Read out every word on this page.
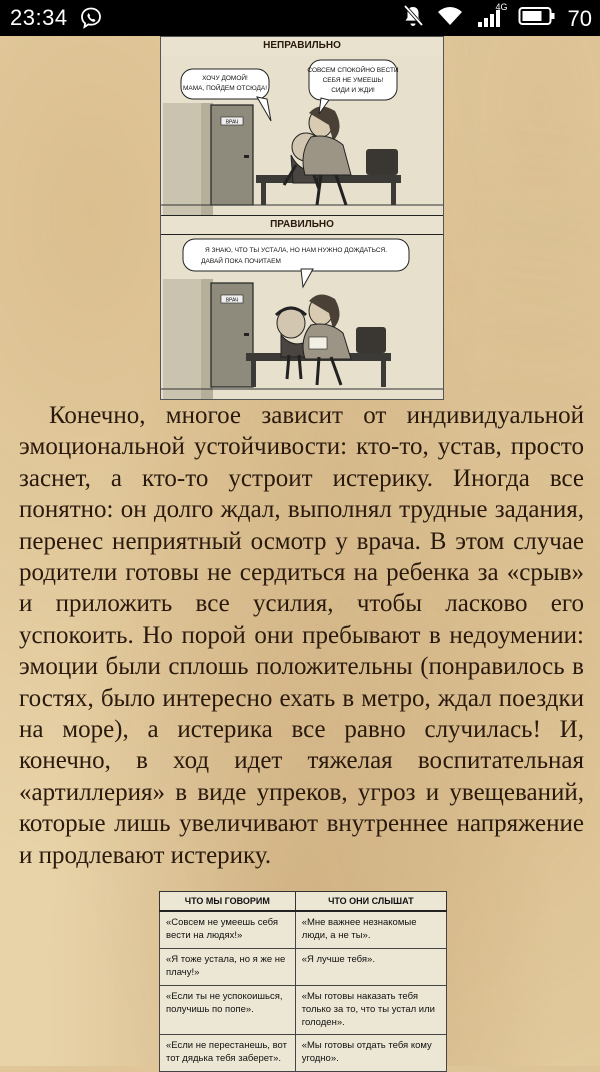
23:34	4G	70
НЕПРАВИЛЬНО
ВРАЧ
ХОЧУ ДОМОЙ!
МАМА, ПОЙДЕМ ОТСЮДА!
СОВСЕМ СПОКОЙНО ВЕСТИ
СЕБЯ НЕ УМЕЕШЬ!
СИДИ И ЖДИ!
ПРАВИЛЬНО
ВРАЧ
Я ЗНАЮ, ЧТО ТЫ УСТАЛА, НО НАМ НУЖНО ДОЖДАТЬСЯ.
ДАВАЙ ПОКА ПОЧИТАЕМ

Конечно, многое зависит от индивидуальной эмоциональной устойчивости: кто-то, устав, просто заснет, а кто-то устроит истерику. Иногда все понятно: он долго ждал, выполнял трудные задания, перенес неприятный осмотр у врача. В этом случае родители готовы не сердиться на ребенка за «срыв» и приложить все усилия, чтобы ласково его успокоить. Но порой они пребывают в недоумении: эмоции были сплошь положительны (понравилось в гостях, было интересно ехать в метро, ждал поездки на море), а истерика все равно случилась! И, конечно, в ход идет тяжелая воспитательная «артиллерия» в виде упреков, угроз и увещеваний, которые лишь увеличивают внутреннее напряжение и продлевают истерику.

ЧТО МЫ ГОВОРИМ	ЧТО ОНИ СЛЫШАТ
«Совсем не умеешь себя вести на людях!»	«Мне важнее незнакомые люди, а не ты».
«Я тоже устала, но я же не плачу!»	«Я лучше тебя».
«Если ты не успокоишься, получишь по попе».	«Мы готовы наказать тебя только за то, что ты устал или голоден».
«Если не перестанешь, вот тот дядька тебя заберет».	«Мы готовы отдать тебя кому угодно».
